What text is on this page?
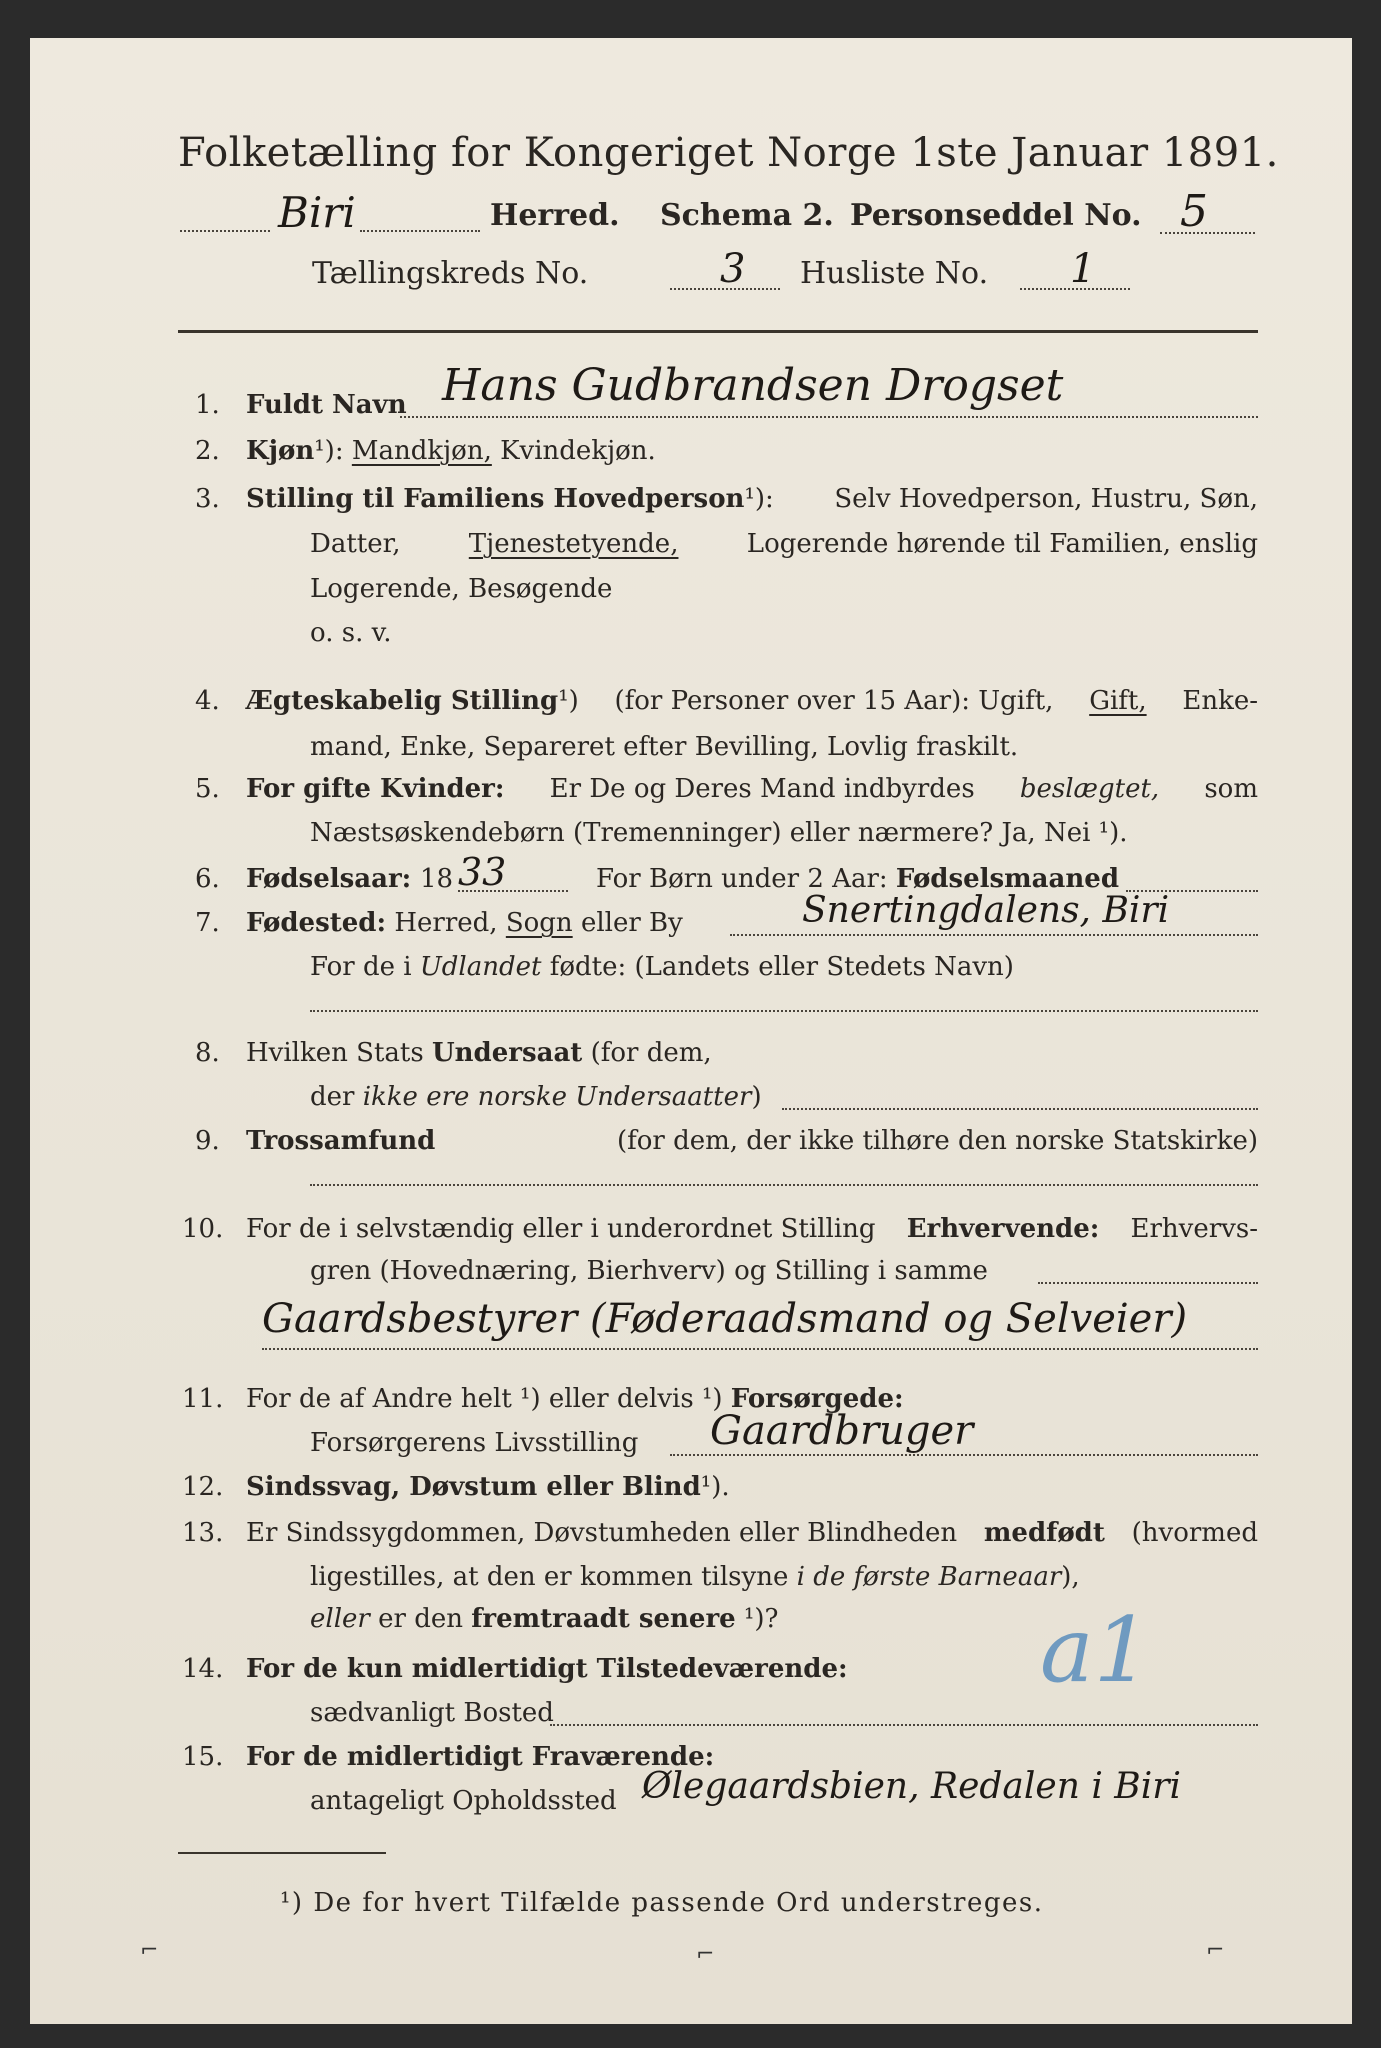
Folketælling for Kongeriget Norge 1ste Januar 1891.
Biri	Herred. Schema 2. Personseddel No. 5
Tællingskreds No.	3 Husliste No. 1
1. Fuldt Navn Hans Gudbrandsen Drogset
2. Kjøn¹): Mandkjøn, Kvindekjøn.
3. Stilling til Familiens Hovedperson¹): Selv Hovedperson, Hustru, Søn,
Datter,	Tjenestetyende,	Logerende hørende til Familien, enslig
Logerende, Besøgende
o. s. v.
4. Ægteskabelig Stilling¹) (for Personer over 15 Aar): Ugift, Gift, Enke-
mand, Enke, Separeret efter Bevilling, Lovlig fraskilt.
5. For gifte Kvinder: Er De og Deres Mand indbyrdes beslægtet, som
Næstsøskendebørn (Tremenninger) eller nærmere? Ja, Nei ¹).
6. Fødselsaar: 18 33	For Børn under 2 Aar: Fødselsmaaned
7. Fødested: Herred, Sogn eller By	Snertingdalens, Biri
For de i Udlandet fødte: (Landets eller Stedets Navn)
8. Hvilken Stats Undersaat (for dem,
der ikke ere norske Undersaatter)
9. Trossamfund	(for dem, der ikke tilhøre den norske Statskirke)
10. For de i selvstændig eller i underordnet Stilling Erhvervende: Erhvervs-
gren (Hovednæring, Bierhverv) og Stilling i samme
Gaardsbestyrer (Føderaadsmand og Selveier)
11. For de af Andre helt ¹) eller delvis ¹) Forsørgede:
Forsørgerens Livsstilling Gaardbruger
12. Sindssvag, Døvstum eller Blind¹).
13. Er Sindssygdommen, Døvstumheden eller Blindheden medfødt (hvormed
ligestilles, at den er kommen tilsyne i de første Barneaar),
eller er den fremtraadt senere ¹)?
14. For de kun midlertidigt Tilstedeværende:
sædvanligt Bosted
a1
15. For de midlertidigt Fraværende:
antageligt Opholdssted Ølegaardsbien, Redalen i Biri
¹) De for hvert Tilfælde passende Ord understreges.
⌐	⌐	⌐
